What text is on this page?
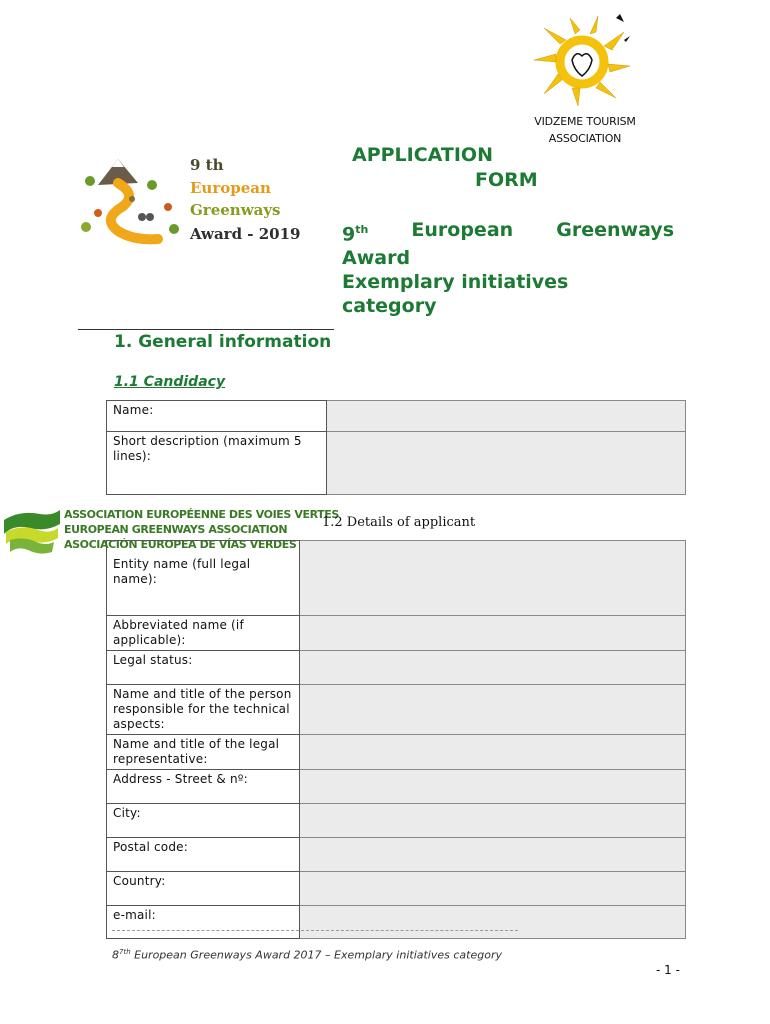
VIDZEME TOURISM
ASSOCIATION
9 th
European
Greenways
Award - 2019
APPLICATION
FORM
9th European Greenways
Award
Exemplary initiatives
category
1. General information
1.1 Candidacy
Name:	
Short description (maximum 5 lines):	
ASSOCIATION EUROPÉENNE DES VOIES VERTES
EUROPEAN GREENWAYS ASSOCIATION
ASOCIACIÓN EUROPEA DE VÍAS VERDES
1.2 Details of applicant
Entity name (full legal name):	
Abbreviated name (if applicable):	
Legal status:	
Name and title of the person responsible for the technical aspects:	
Name and title of the legal representative:	
Address - Street & nº:	
City:	
Postal code:	
Country:	
e-mail:	
$8^{7th}$ European Greenways Award 2017 – Exemplary initiatives category
- 1 -
